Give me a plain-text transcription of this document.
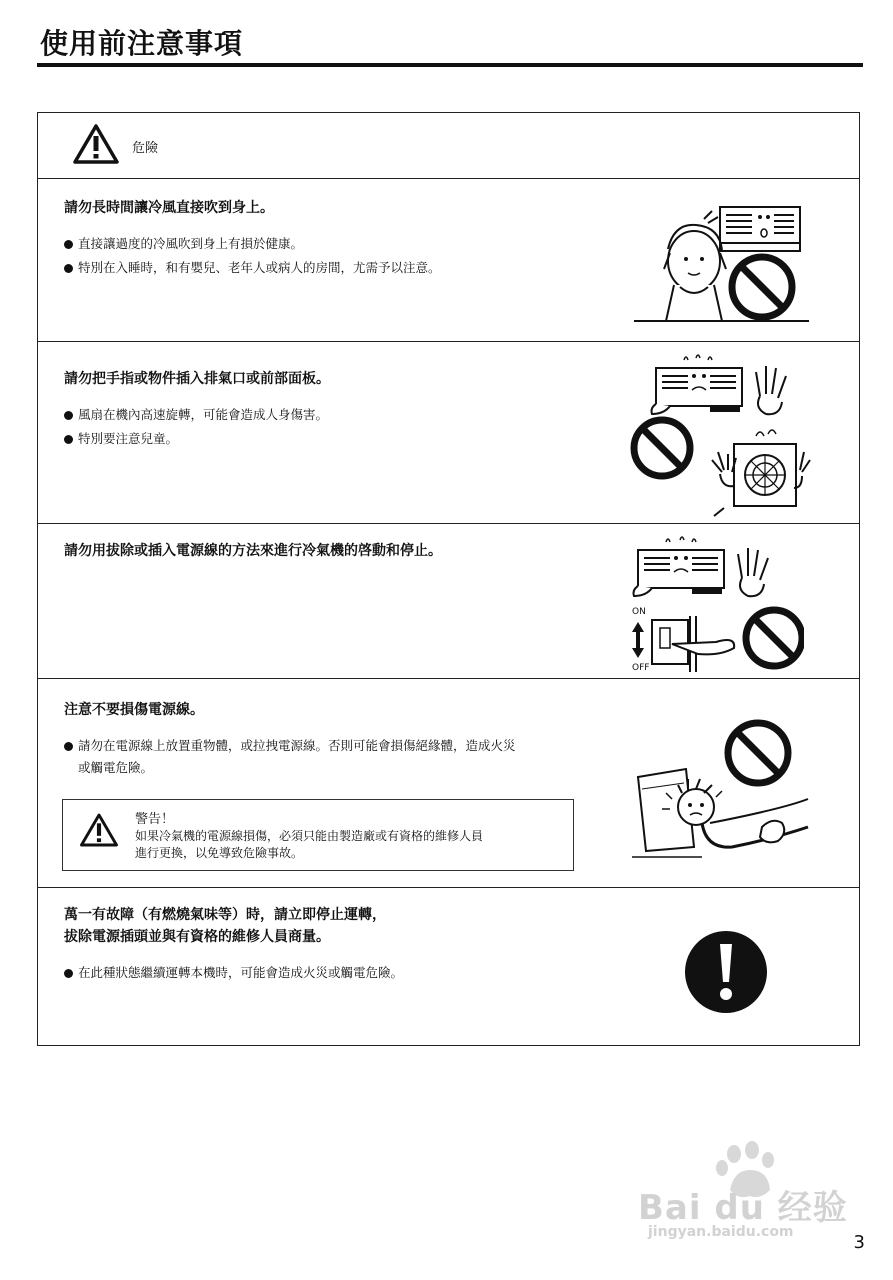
使用前注意事項
危險
請勿長時間讓冷風直接吹到身上。
直接讓過度的冷風吹到身上有損於健康。
特別在入睡時，和有嬰兒、老年人或病人的房間，尤需予以注意。
請勿把手指或物件插入排氣口或前部面板。
風扇在機內高速旋轉，可能會造成人身傷害。
特別要注意兒童。
請勿用拔除或插入電源線的方法來進行冷氣機的啓動和停止。
ON
OFF
注意不要損傷電源線。
請勿在電源線上放置重物體，或拉拽電源線。否則可能會損傷絕緣體，造成火災
或觸電危險。
警告！
如果冷氣機的電源線損傷，必須只能由製造廠或有資格的維修人員
進行更換，以免導致危險事故。
萬一有故障（有燃燒氣味等）時，請立即停止運轉，
拔除電源插頭並與有資格的維修人員商量。
在此種狀態繼續運轉本機時，可能會造成火災或觸電危險。
Bai du 经验
jingyan.baidu.com	3
